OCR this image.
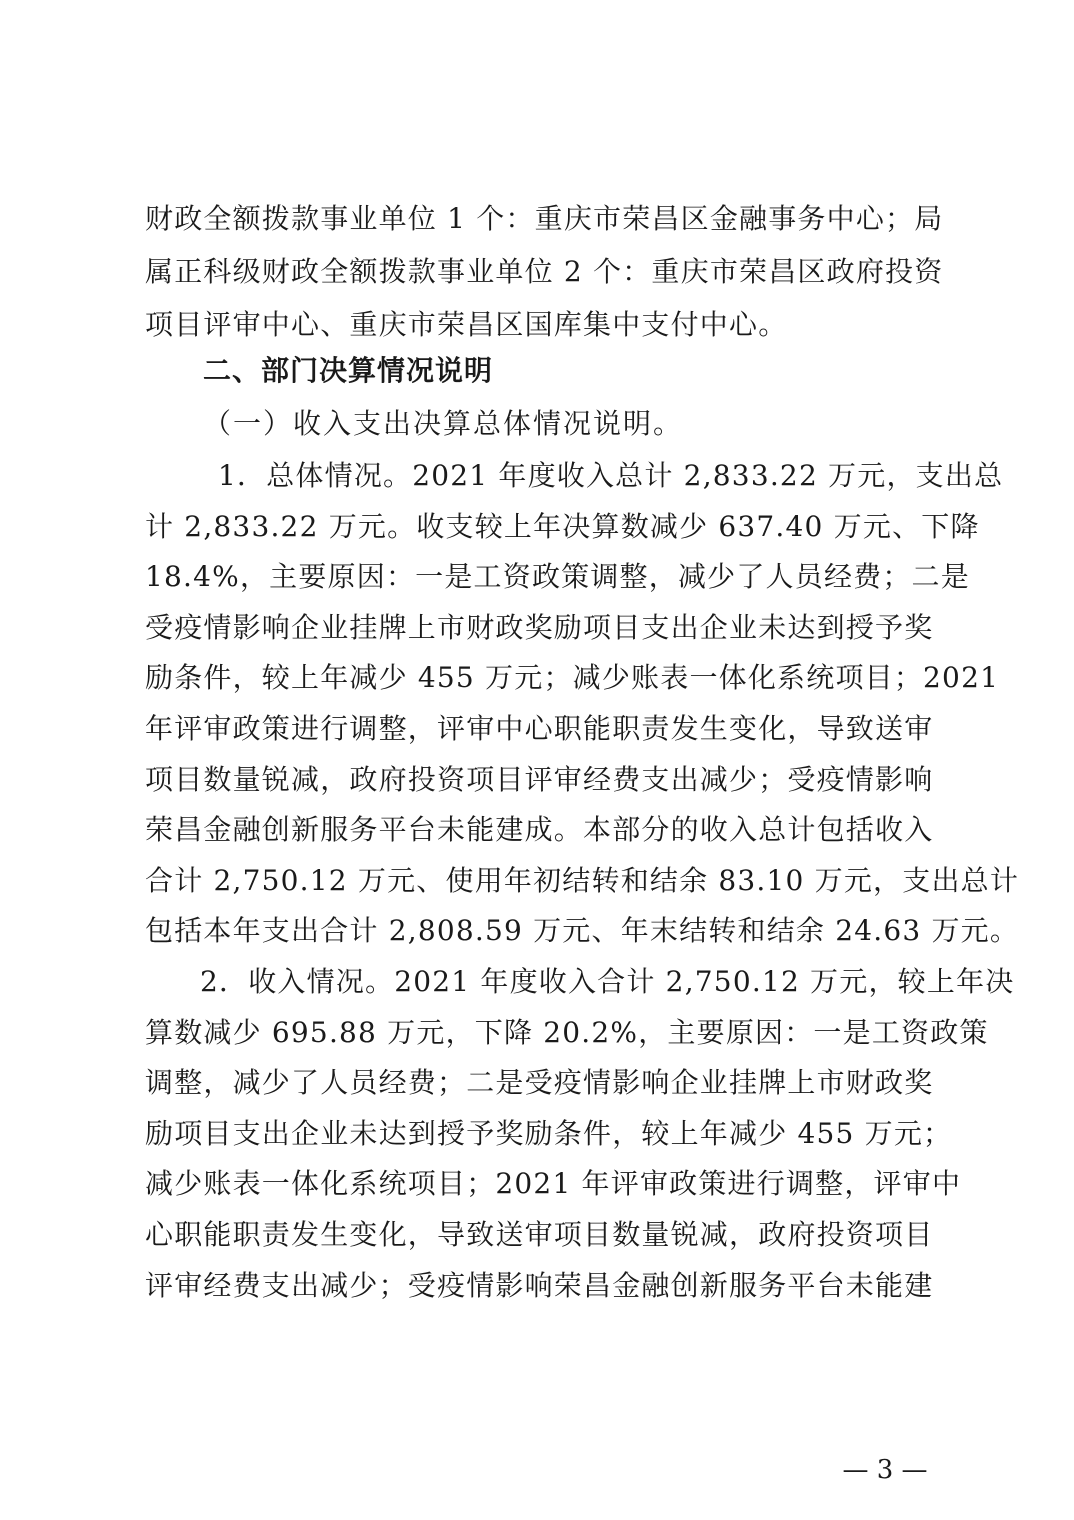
财政全额拨款事业单位 1 个：重庆市荣昌区金融事务中心；局
属正科级财政全额拨款事业单位 2 个：重庆市荣昌区政府投资
项目评审中心、重庆市荣昌区国库集中支付中心。
二、部门决算情况说明
（一）收入支出决算总体情况说明。
1．总体情况。2021 年度收入总计 2,833.22 万元，支出总
计 2,833.22 万元。收支较上年决算数减少 637.40 万元、下降
18.4%，主要原因：一是工资政策调整，减少了人员经费；二是
受疫情影响企业挂牌上市财政奖励项目支出企业未达到授予奖
励条件，较上年减少 455 万元；减少账表一体化系统项目；2021
年评审政策进行调整，评审中心职能职责发生变化，导致送审
项目数量锐减，政府投资项目评审经费支出减少；受疫情影响
荣昌金融创新服务平台未能建成。本部分的收入总计包括收入
合计 2,750.12 万元、使用年初结转和结余 83.10 万元，支出总计
包括本年支出合计 2,808.59 万元、年末结转和结余 24.63 万元。
2．收入情况。2021 年度收入合计 2,750.12 万元，较上年决
算数减少 695.88 万元，下降 20.2%，主要原因：一是工资政策
调整，减少了人员经费；二是受疫情影响企业挂牌上市财政奖
励项目支出企业未达到授予奖励条件，较上年减少 455 万元；
减少账表一体化系统项目；2021 年评审政策进行调整，评审中
心职能职责发生变化，导致送审项目数量锐减，政府投资项目
评审经费支出减少；受疫情影响荣昌金融创新服务平台未能建
— 3 —
